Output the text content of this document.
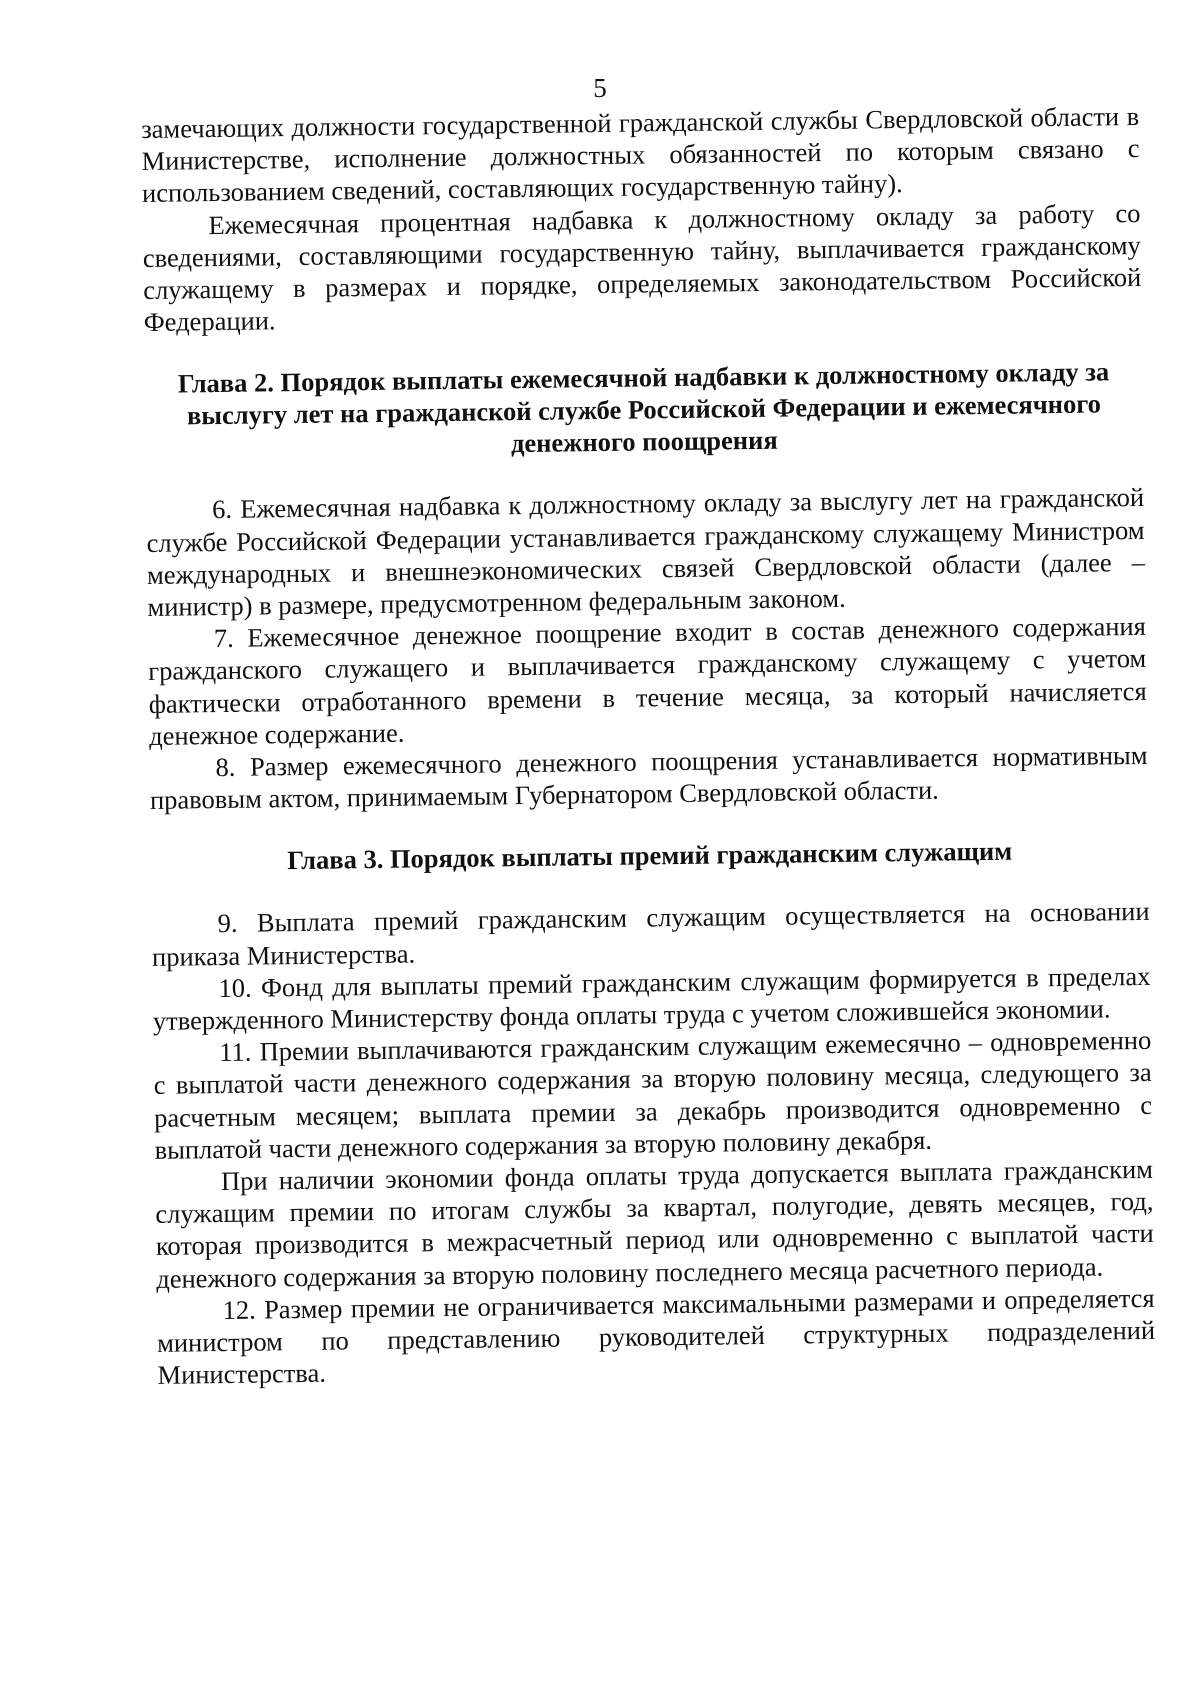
5

замечающих должности государственной гражданской службы Свердловской области в Министерстве, исполнение должностных обязанностей по которым связано с использованием сведений, составляющих государственную тайну).

Ежемесячная процентная надбавка к должностному окладу за работу со сведениями, составляющими государственную тайну, выплачивается гражданскому служащему в размерах и порядке, определяемых законодательством Российской Федерации.

Глава 2. Порядок выплаты ежемесячной надбавки к должностному окладу за выслугу лет на гражданской службе Российской Федерации и ежемесячного денежного поощрения

6. Ежемесячная надбавка к должностному окладу за выслугу лет на гражданской службе Российской Федерации устанавливается гражданскому служащему Министром международных и внешнеэкономических связей Свердловской области (далее – министр) в размере, предусмотренном федеральным законом.

7. Ежемесячное денежное поощрение входит в состав денежного содержания гражданского служащего и выплачивается гражданскому служащему с учетом фактически отработанного времени в течение месяца, за который начисляется денежное содержание.

8. Размер ежемесячного денежного поощрения устанавливается нормативным правовым актом, принимаемым Губернатором Свердловской области.

Глава 3. Порядок выплаты премий гражданским служащим

9. Выплата премий гражданским служащим осуществляется на основании приказа Министерства.

10. Фонд для выплаты премий гражданским служащим формируется в пределах утвержденного Министерству фонда оплаты труда с учетом сложившейся экономии.

11. Премии выплачиваются гражданским служащим ежемесячно – одновременно с выплатой части денежного содержания за вторую половину месяца, следующего за расчетным месяцем; выплата премии за декабрь производится одновременно с выплатой части денежного содержания за вторую половину декабря.

При наличии экономии фонда оплаты труда допускается выплата гражданским служащим премии по итогам службы за квартал, полугодие, девять месяцев, год, которая производится в межрасчетный период или одновременно с выплатой части денежного содержания за вторую половину последнего месяца расчетного периода.

12. Размер премии не ограничивается максимальными размерами и определяется министром по представлению руководителей структурных подразделений Министерства.
